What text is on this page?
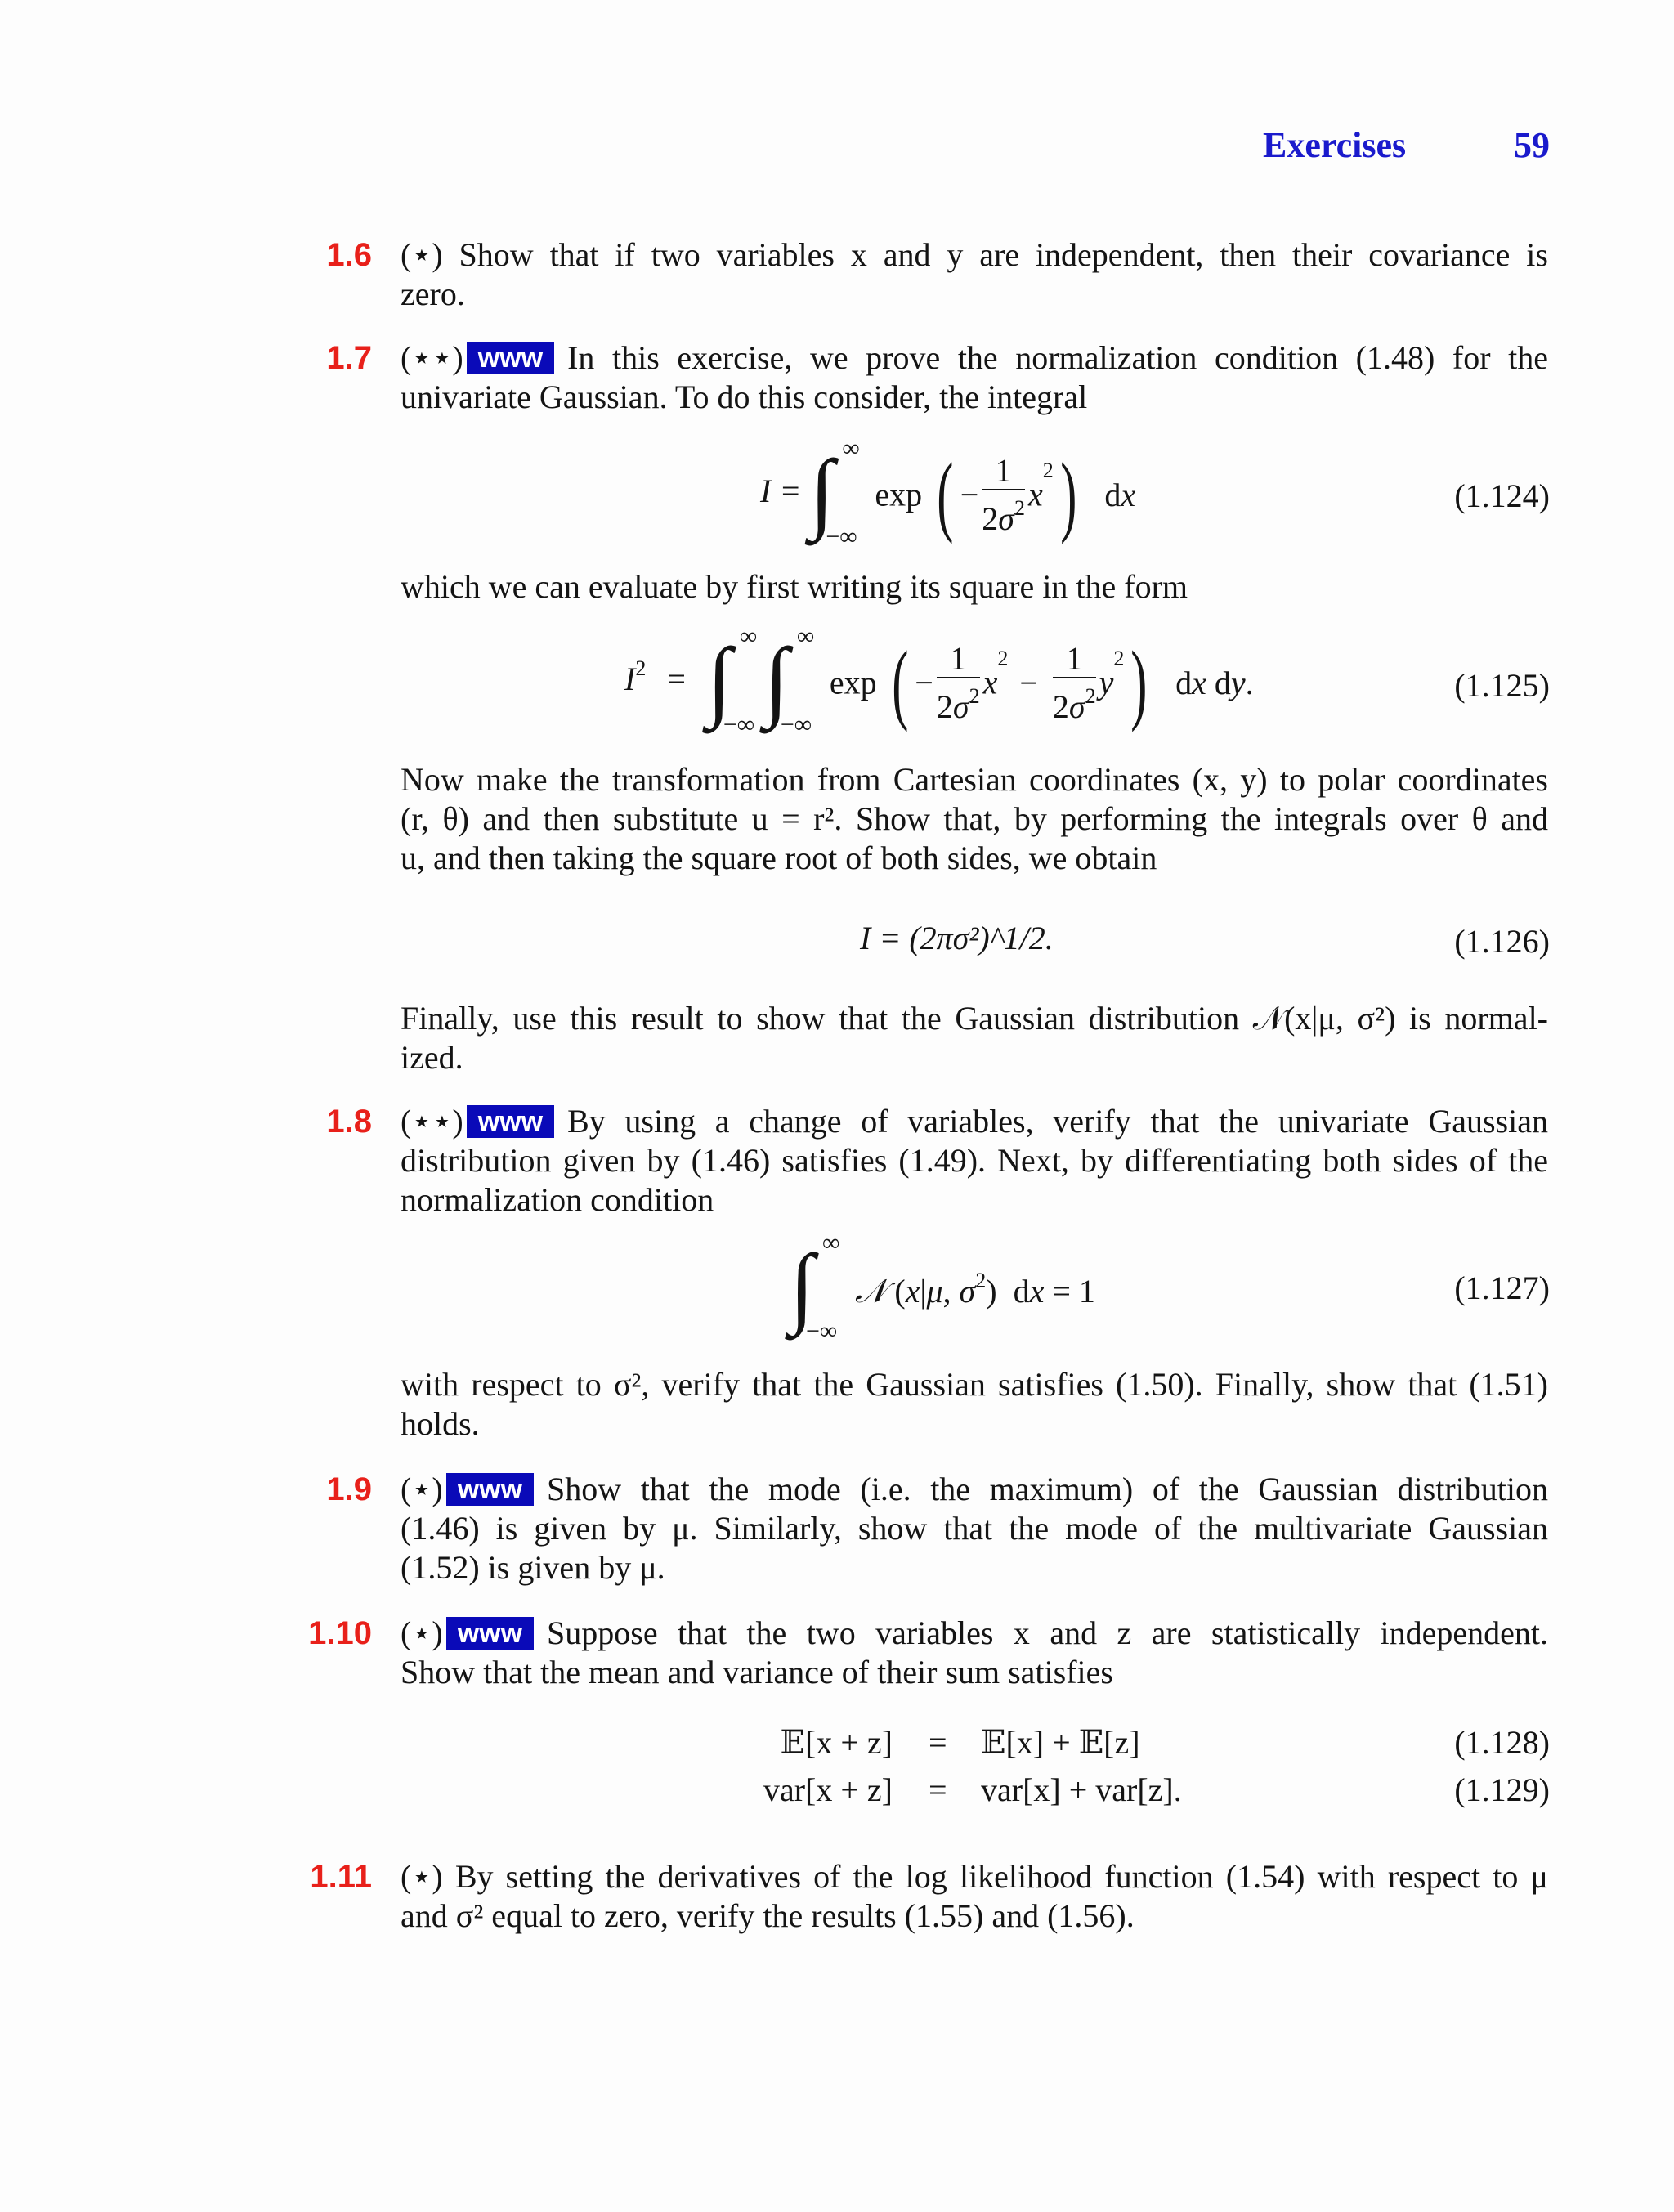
Exercises	59
1.6 (⋆) Show that if two variables x and y are independent, then their covariance is
zero.
1.7 (⋆⋆) www In this exercise, we prove the normalization condition (1.48) for the
univariate Gaussian. To do this consider, the integral
I = ∫ ∞
−∞
exp ( − $\frac{1}{2\sigma^2} x^2$) dx	(1.124)
which we can evaluate by first writing its square in the form
$I^2$ = ∫ ∞
−∞ ∫ ∞
−∞
exp ( − $\frac{1}{2\sigma^2} x^2- \frac{1}{2\sigma^2} y^2$) dx dy.	(1.125)
Now make the transformation from Cartesian coordinates (x, y) to polar coordinates
(r, θ) and then substitute u = r². Show that, by performing the integrals over θ and
u, and then taking the square root of both sides, we obtain
I = (2πσ²)^1/2.	(1.126)
Finally, use this result to show that the Gaussian distribution 𝒩(x|μ, σ²) is normal-
ized.
1.8 (⋆⋆) www By using a change of variables, verify that the univariate Gaussian
distribution given by (1.46) satisfies (1.49). Next, by differentiating both sides of the
normalization condition
∫ ∞
−∞
𝒩 (x|μ, $\sigma^2$)  dx = 1	(1.127)
with respect to σ², verify that the Gaussian satisfies (1.50). Finally, show that (1.51)
holds.
1.9 (⋆) www Show that the mode (i.e. the maximum) of the Gaussian distribution
(1.46) is given by μ. Similarly, show that the mode of the multivariate Gaussian
(1.52) is given by μ.
1.10 (⋆) www Suppose that the two variables x and z are statistically independent.
Show that the mean and variance of their sum satisfies
𝔼[x + z] = 𝔼[x] + 𝔼[z]	(1.128)
var[x + z] = var[x] + var[z].	(1.129)
1.11 (⋆) By setting the derivatives of the log likelihood function (1.54) with respect to μ
and σ² equal to zero, verify the results (1.55) and (1.56).
